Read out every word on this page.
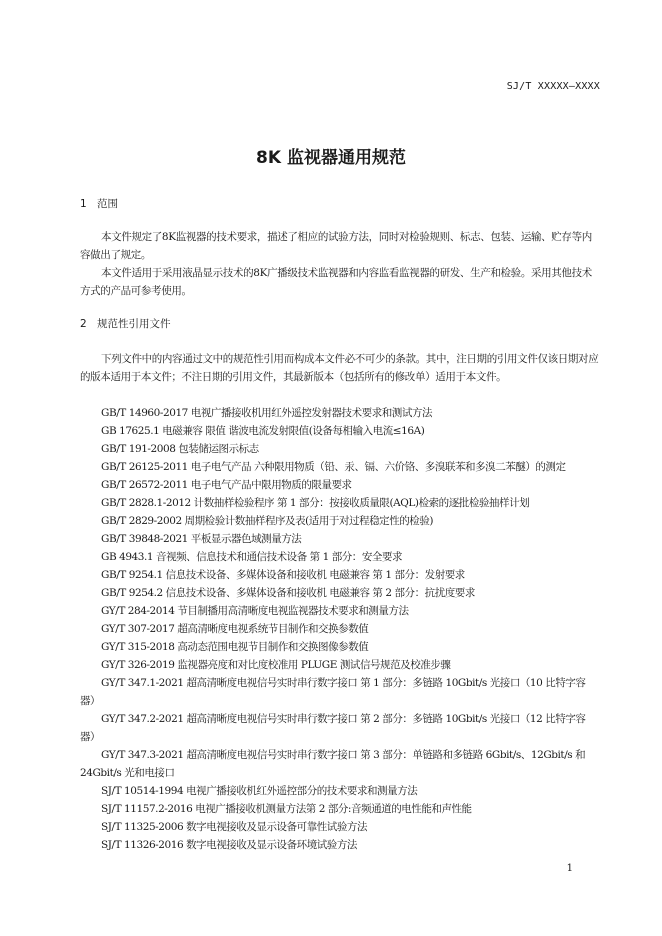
SJ/T XXXXX—XXXX
8K 监视器通用规范
1 范围
本文件规定了8K监视器的技术要求，描述了相应的试验方法，同时对检验规则、标志、包装、运输、贮存等内容做出了规定。
本文件适用于采用液晶显示技术的8K广播级技术监视器和内容监看监视器的研发、生产和检验。采用其他技术方式的产品可参考使用。
2 规范性引用文件
下列文件中的内容通过文中的规范性引用而构成本文件必不可少的条款。其中，注日期的引用文件仅该日期对应的版本适用于本文件；不注日期的引用文件，其最新版本（包括所有的修改单）适用于本文件。
GB/T 14960-2017 电视广播接收机用红外遥控发射器技术要求和测试方法
GB 17625.1 电磁兼容 限值 谐波电流发射限值(设备每相输入电流≤16A)
GB/T 191-2008 包装储运图示标志
GB/T 26125-2011 电子电气产品 六种限用物质（铅、汞、镉、六价铬、多溴联苯和多溴二苯醚）的测定
GB/T 26572-2011 电子电气产品中限用物质的限量要求
GB/T 2828.1-2012 计数抽样检验程序 第 1 部分：按接收质量限(AQL)检索的逐批检验抽样计划
GB/T 2829-2002 周期检验计数抽样程序及表(适用于对过程稳定性的检验)
GB/T 39848-2021 平板显示器色域测量方法
GB 4943.1 音视频、信息技术和通信技术设备 第 1 部分：安全要求
GB/T 9254.1 信息技术设备、多媒体设备和接收机 电磁兼容 第 1 部分：发射要求
GB/T 9254.2 信息技术设备、多媒体设备和接收机 电磁兼容 第 2 部分：抗扰度要求
GY/T 284-2014 节目制播用高清晰度电视监视器技术要求和测量方法
GY/T 307-2017 超高清晰度电视系统节目制作和交换参数值
GY/T 315-2018 高动态范围电视节目制作和交换图像参数值
GY/T 326-2019 监视器亮度和对比度校准用 PLUGE 测试信号规范及校准步骤
GY/T 347.1-2021 超高清晰度电视信号实时串行数字接口 第 1 部分：多链路 10Gbit/s 光接口（10 比特字容器）
GY/T 347.2-2021 超高清晰度电视信号实时串行数字接口 第 2 部分：多链路 10Gbit/s 光接口（12 比特字容器）
GY/T 347.3-2021 超高清晰度电视信号实时串行数字接口 第 3 部分：单链路和多链路 6Gbit/s、12Gbit/s 和 24Gbit/s 光和电接口
SJ/T 10514-1994 电视广播接收机红外遥控部分的技术要求和测量方法
SJ/T 11157.2-2016 电视广播接收机测量方法第 2 部分:音频通道的电性能和声性能
SJ/T 11325-2006 数字电视接收及显示设备可靠性试验方法
SJ/T 11326-2016 数字电视接收及显示设备环境试验方法
1
